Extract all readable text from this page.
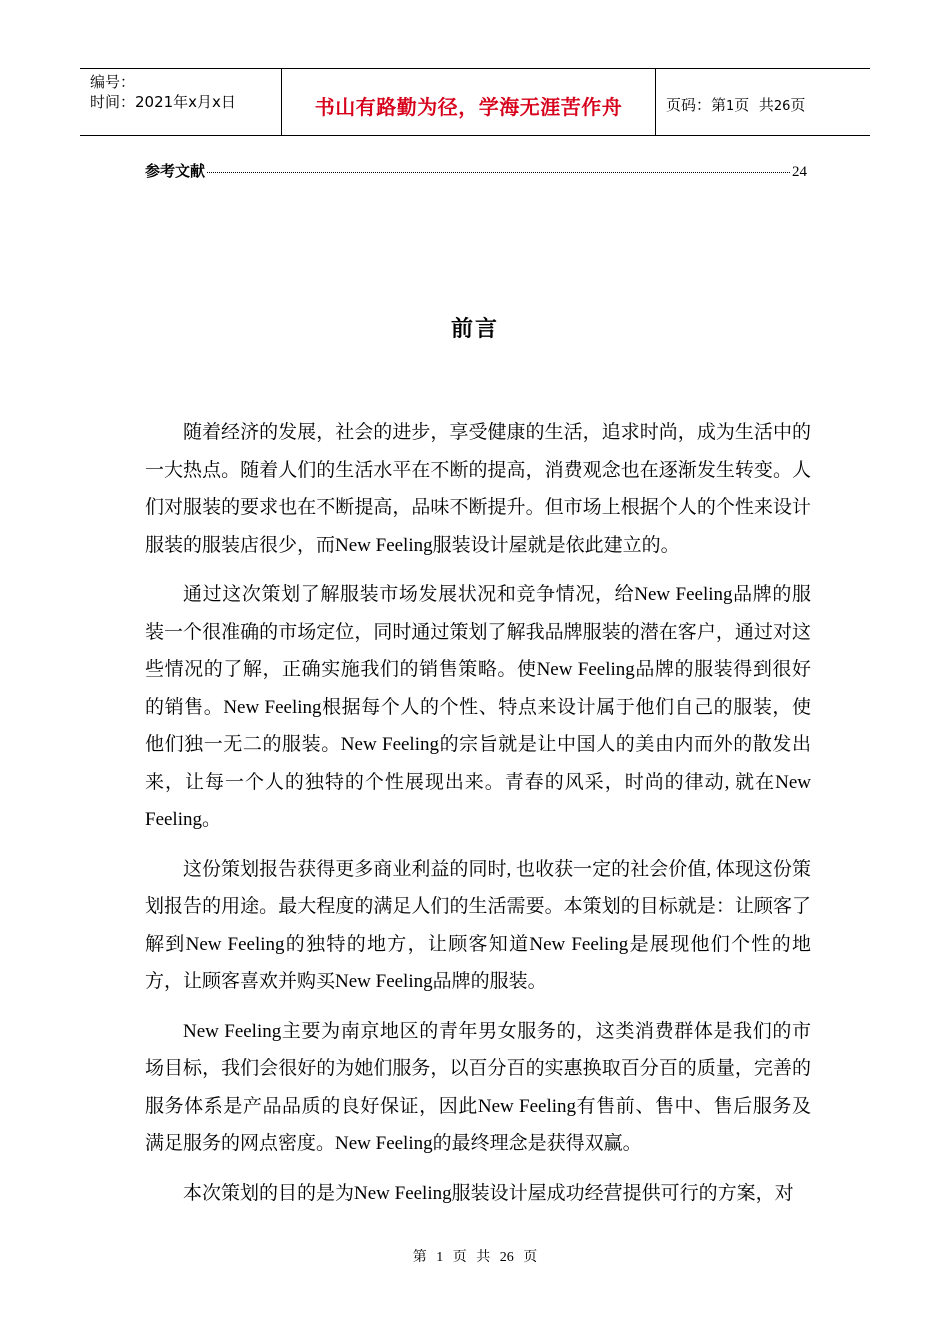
编号：
时间：2021年x月x日	书山有路勤为径，学海无涯苦作舟	页码：第1页  共26页
参考文献	24
前言

随着经济的发展，社会的进步，享受健康的生活，追求时尚，成为生活中的一大热点。随着人们的生活水平在不断的提高，消费观念也在逐渐发生转变。人们对服装的要求也在不断提高，品味不断提升。但市场上根据个人的个性来设计服装的服装店很少，而New Feeling服装设计屋就是依此建立的。

通过这次策划了解服装市场发展状况和竞争情况，给New Feeling品牌的服装一个很准确的市场定位，同时通过策划了解我品牌服装的潜在客户，通过对这些情况的了解，正确实施我们的销售策略。使New Feeling品牌的服装得到很好的销售。New Feeling根据每个人的个性、特点来设计属于他们自己的服装，使他们独一无二的服装。New Feeling的宗旨就是让中国人的美由内而外的散发出来，让每一个人的独特的个性展现出来。青春的风采，时尚的律动, 就在New Feeling。

这份策划报告获得更多商业利益的同时, 也收获一定的社会价值, 体现这份策划报告的用途。最大程度的满足人们的生活需要。本策划的目标就是：让顾客了解到New Feeling的独特的地方，让顾客知道New Feeling是展现他们个性的地方，让顾客喜欢并购买New Feeling品牌的服装。

New Feeling主要为南京地区的青年男女服务的，这类消费群体是我们的市场目标，我们会很好的为她们服务，以百分百的实惠换取百分百的质量，完善的服务体系是产品品质的良好保证，因此New Feeling有售前、售中、售后服务及满足服务的网点密度。New Feeling的最终理念是获得双赢。

本次策划的目的是为New Feeling服装设计屋成功经营提供可行的方案，对

第 1 页 共 26 页
